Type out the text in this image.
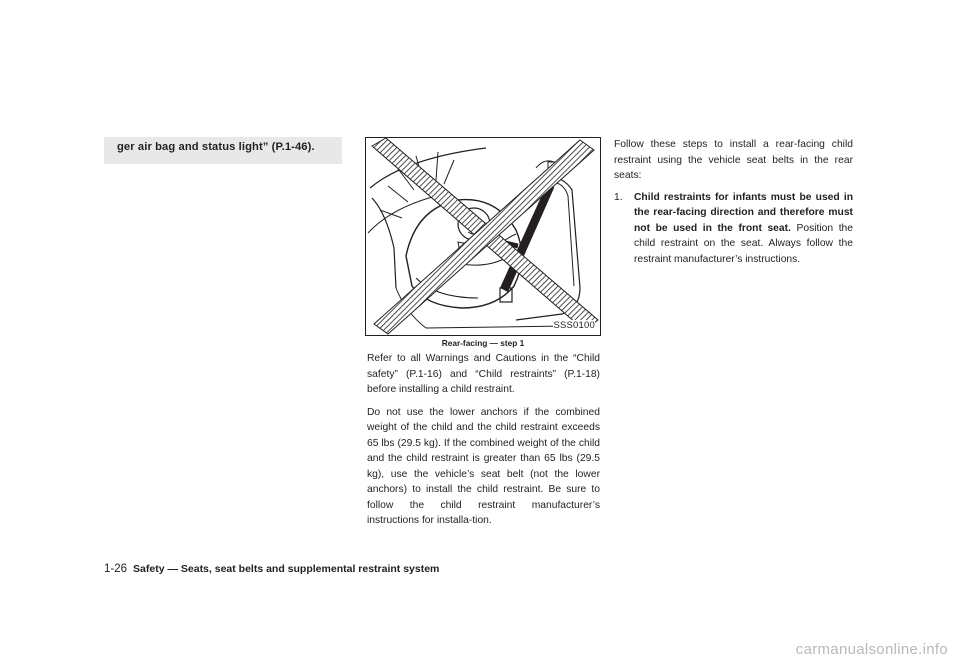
ger air bag and status light” (P.1-46).
SSS0100
Rear-facing — step 1

Refer to all Warnings and Cautions in the “Child safety” (P.1-16) and “Child restraints” (P.1-18) before installing a child restraint.

Do not use the lower anchors if the combined weight of the child and the child restraint exceeds 65 lbs (29.5 kg). If the combined weight of the child and the child restraint is greater than 65 lbs (29.5 kg), use the vehicle’s seat belt (not the lower anchors) to install the child restraint. Be sure to follow the child restraint manufacturer’s instructions for installa-tion.

Follow these steps to install a rear-facing child restraint using the vehicle seat belts in the rear seats:

1.	Child restraints for infants must be used in the rear-facing direction and therefore must not be used in the front seat. Position the child restraint on the seat. Always follow the restraint manufacturer’s instructions.
1-26 Safety — Seats, seat belts and supplemental restraint system
carmanualsonline.info
